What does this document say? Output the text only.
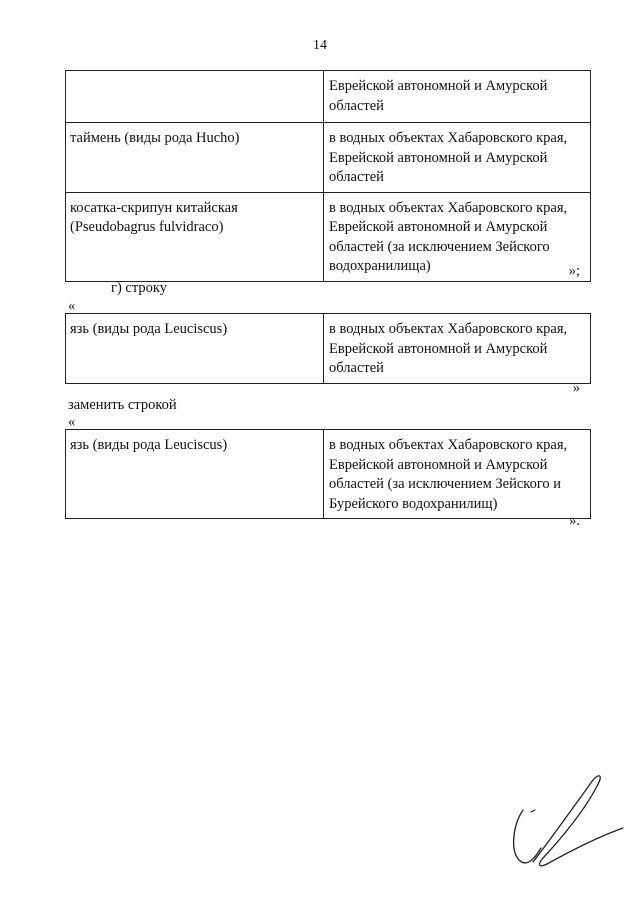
14
	Еврейской автономной и Амурской областей
таймень (виды рода Hucho)	в водных объектах Хабаровского края, Еврейской автономной и Амурской областей
косатка-скрипун китайская (Pseudobagrus fulvidraco)	в водных объектах Хабаровского края, Еврейской автономной и Амурской областей (за исключением Зейского водохранилища)	»;
г) строку
«
язь (виды рода Leuciscus)	в водных объектах Хабаровского края, Еврейской автономной и Амурской областей
»
заменить строкой
«
язь (виды рода Leuciscus)	в водных объектах Хабаровского края, Еврейской автономной и Амурской областей (за исключением Зейского и Бурейского водохранилищ)
».
